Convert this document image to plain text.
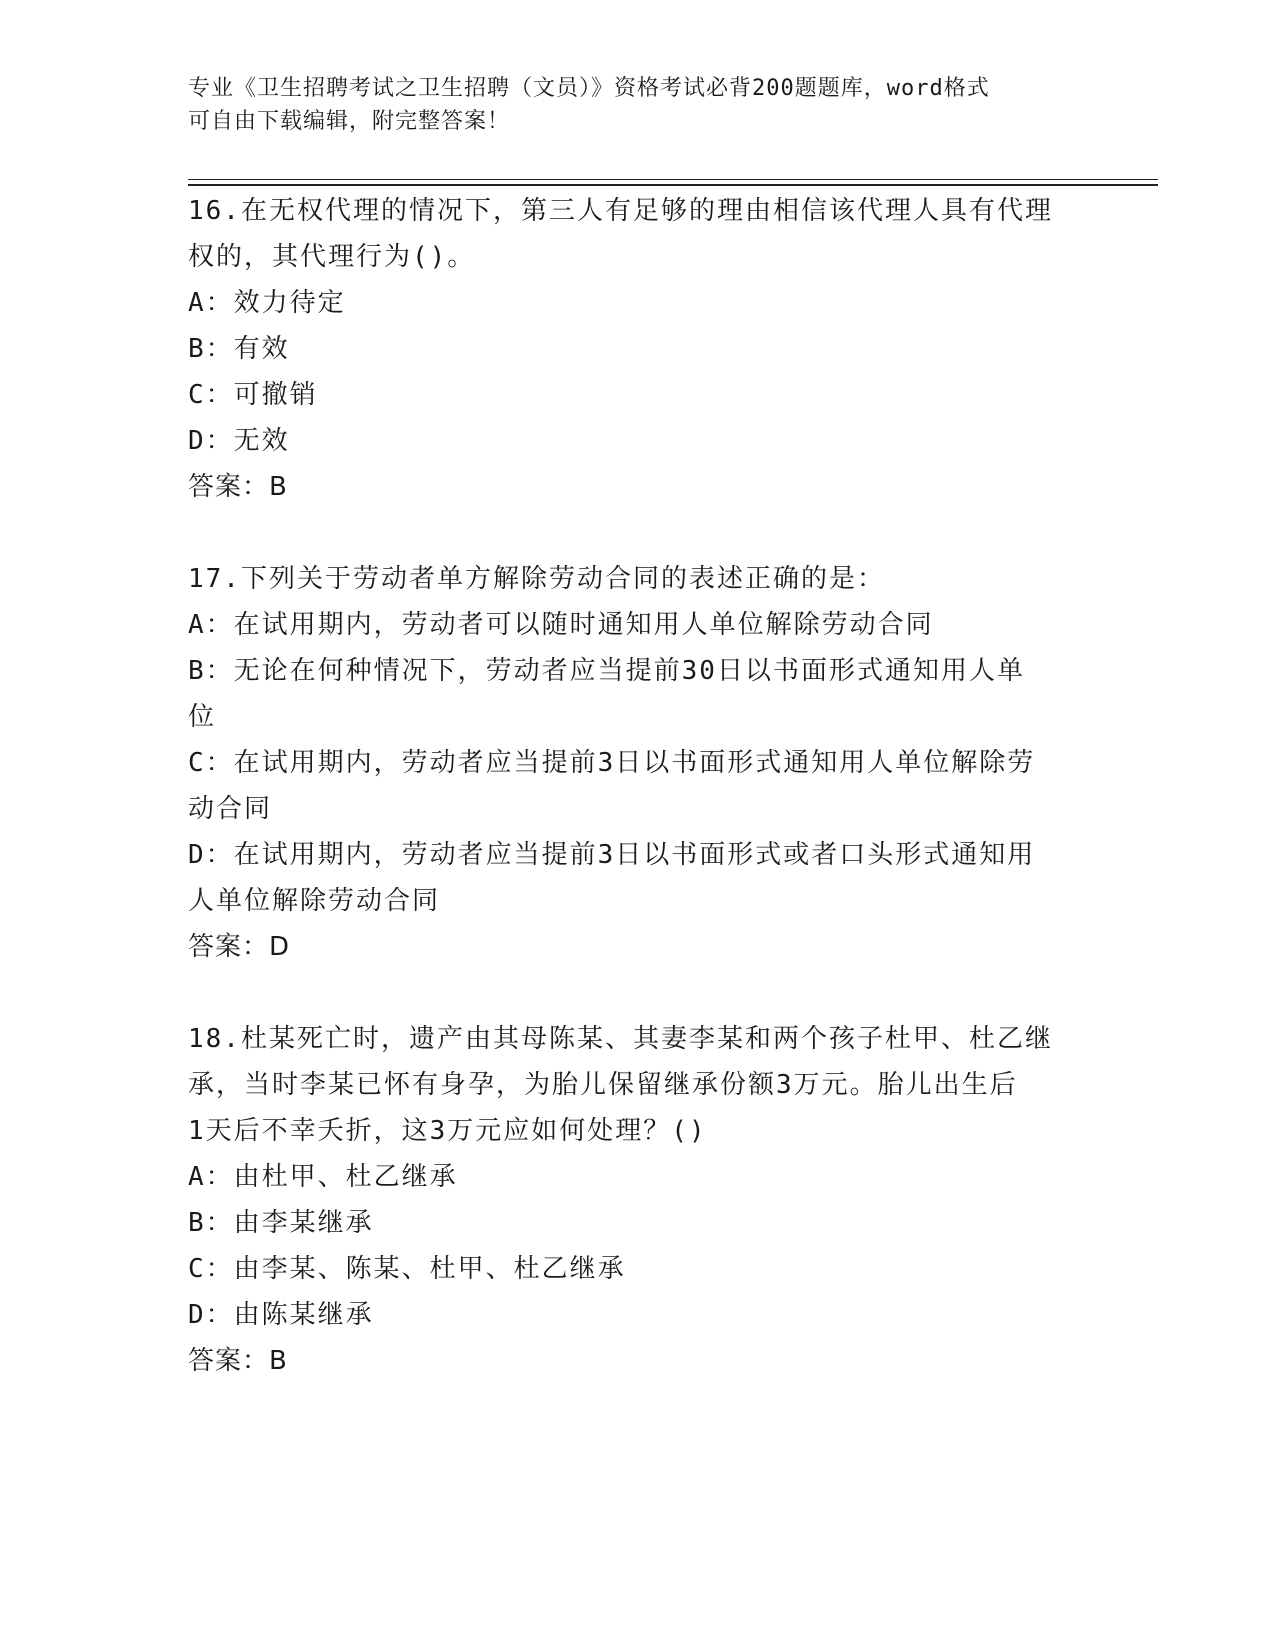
专业《卫生招聘考试之卫生招聘（文员）》资格考试必背200题题库，word格式
可自由下载编辑，附完整答案！
16.在无权代理的情况下，第三人有足够的理由相信该代理人具有代理
权的，其代理行为()。
A：效力待定
B：有效
C：可撤销
D：无效
答案：B
17.下列关于劳动者单方解除劳动合同的表述正确的是：
A：在试用期内，劳动者可以随时通知用人单位解除劳动合同
B：无论在何种情况下，劳动者应当提前30日以书面形式通知用人单
位
C：在试用期内，劳动者应当提前3日以书面形式通知用人单位解除劳
动合同
D：在试用期内，劳动者应当提前3日以书面形式或者口头形式通知用
人单位解除劳动合同
答案：D
18.杜某死亡时，遗产由其母陈某、其妻李某和两个孩子杜甲、杜乙继
承，当时李某已怀有身孕，为胎儿保留继承份额3万元。胎儿出生后
1天后不幸夭折，这3万元应如何处理？()
A：由杜甲、杜乙继承
B：由李某继承
C：由李某、陈某、杜甲、杜乙继承
D：由陈某继承
答案：B
